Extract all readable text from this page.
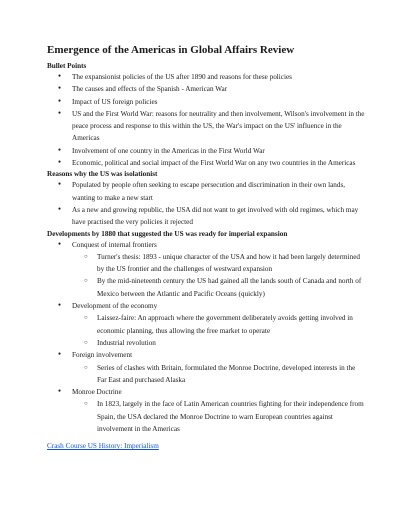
Emergence of the Americas in Global Affairs Review
Bullet Points
● The expansionist policies of the US after 1890 and reasons for these policies
● The causes and effects of the Spanish - American War
● Impact of US foreign policies
● US and the First World War: reasons for neutrality and then involvement, Wilson's involvement in the peace process and response to this within the US, the War's impact on the US' influence in the Americas
● Involvement of one country in the Americas in the First World War
● Economic, political and social impact of the First World War on any two countries in the Americas
Reasons why the US was isolationist
● Populated by people often seeking to escape persecution and discrimination in their own lands, wanting to make a new start
● As a new and growing republic, the USA did not want to get involved with old regimes, which may have practised the very policies it rejected
Developments by 1880 that suggested the US was ready for imperial expansion
● Conquest of internal frontiers
○ Turner's thesis: 1893 - unique character of the USA and how it had been largely determined by the US frontier and the challenges of westward expansion
○ By the mid-nineteenth century the US had gained all the lands south of Canada and north of Mexico between the Atlantic and Pacific Oceans (quickly)
● Development of the economy
○ Laissez-faire: An approach where the government deliberately avoids getting involved in economic planning, thus allowing the free market to operate
○ Industrial revolution
● Foreign involvement
○ Series of clashes with Britain, formulated the Monroe Doctrine, developed interests in the Far East and purchased Alaska
● Monroe Doctrine
○ In 1823, largely in the face of Latin American countries fighting for their independence from Spain, the USA declared the Monroe Doctrine to warn European countries against involvement in the Americas
Crash Course US History: Imperialism
